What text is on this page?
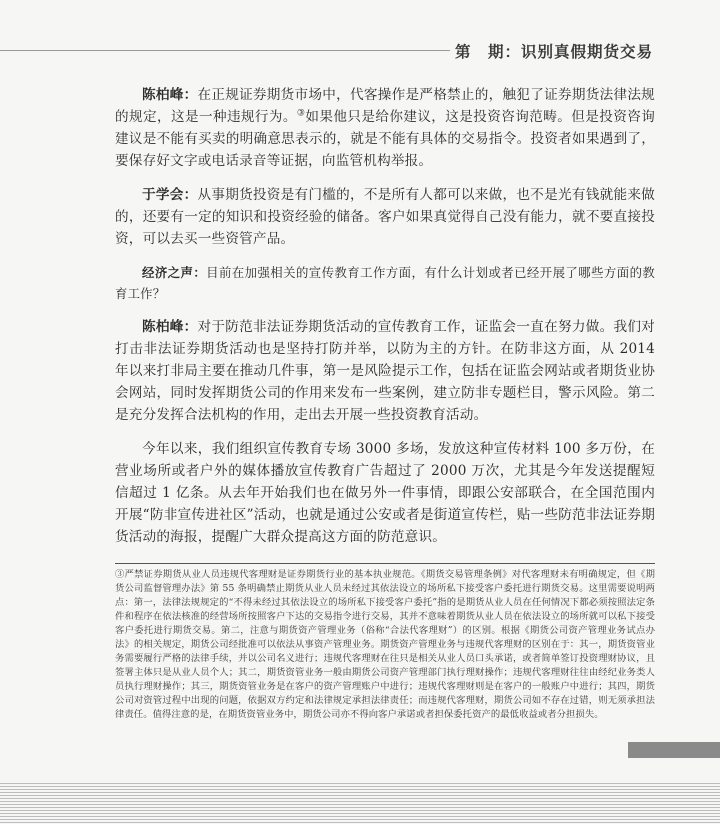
第　期：识别真假期货交易

陈柏峰：在正规证券期货市场中，代客操作是严格禁止的，触犯了证券期货法律法规的规定，这是一种违规行为。③如果他只是给你建议，这是投资咨询范畴。但是投资咨询建议是不能有买卖的明确意思表示的，就是不能有具体的交易指令。投资者如果遇到了，要保存好文字或电话录音等证据，向监管机构举报。

于学会：从事期货投资是有门槛的，不是所有人都可以来做，也不是光有钱就能来做的，还要有一定的知识和投资经验的储备。客户如果真觉得自己没有能力，就不要直接投资，可以去买一些资管产品。

经济之声：目前在加强相关的宣传教育工作方面，有什么计划或者已经开展了哪些方面的教育工作？

陈柏峰：对于防范非法证券期货活动的宣传教育工作，证监会一直在努力做。我们对打击非法证券期货活动也是坚持打防并举，以防为主的方针。在防非这方面，从 2014 年以来打非局主要在推动几件事，第一是风险提示工作，包括在证监会网站或者期货业协会网站，同时发挥期货公司的作用来发布一些案例，建立防非专题栏目，警示风险。第二是充分发挥合法机构的作用，走出去开展一些投资教育活动。

今年以来，我们组织宣传教育专场 3000 多场，发放这种宣传材料 100 多万份，在营业场所或者户外的媒体播放宣传教育广告超过了 2000 万次，尤其是今年发送提醒短信超过 1 亿条。从去年开始我们也在做另外一件事情，即跟公安部联合，在全国范围内开展“防非宣传进社区”活动，也就是通过公安或者是街道宣传栏，贴一些防范非法证券期货活动的海报，提醒广大群众提高这方面的防范意识。

③严禁证券期货从业人员违规代客理财是证券期货行业的基本执业规范。《期货交易管理条例》对代客理财未有明确规定，但《期货公司监督管理办法》第 55 条明确禁止期货从业人员未经过其依法设立的场所私下接受客户委托进行期货交易。这里需要说明两点：第一，法律法规规定的“不得未经过其依法设立的场所私下接受客户委托”指的是期货从业人员在任何情况下都必须按照法定条件和程序在依法核准的经营场所按照客户下达的交易指令进行交易，其并不意味着期货从业人员在依法设立的场所就可以私下接受客户委托进行期货交易。第二，注意与期货资产管理业务（俗称“合法代客理财”）的区别。根据《期货公司资产管理业务试点办法》的相关规定，期货公司经批准可以依法从事资产管理业务。期货资产管理业务与违规代客理财的区别在于：其一，期货资管业务需要履行严格的法律手续，并以公司名义进行；违规代客理财在往只是相关从业人员口头承诺，或者简单签订投资理财协议，且签署主体只是从业人员个人；其二，期货资管业务一般由期货公司资产管理部门执行理财操作；违规代客理财往往由经纪业务类人员执行理财操作；其三，期货资管业务是在客户的资产管理账户中进行；违规代客理财则是在客户的一般账户中进行；其四，期货公司对资管过程中出现的问题，依据双方约定和法律规定承担法律责任；而违规代客理财，期货公司如不存在过错，则无须承担法律责任。值得注意的是，在期货资管业务中，期货公司亦不得向客户承诺或者担保委托资产的最低收益或者分担损失。
